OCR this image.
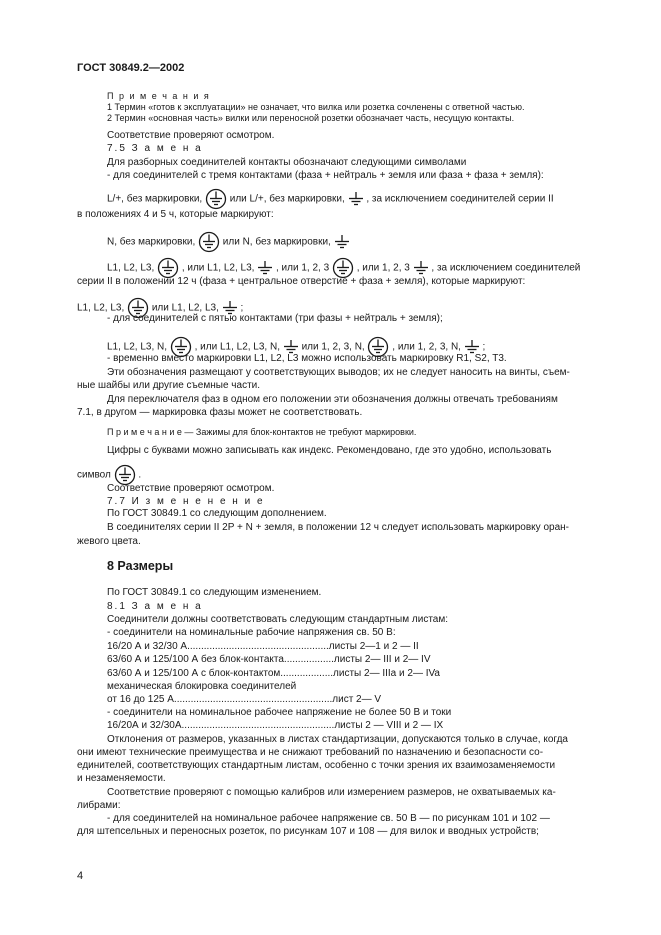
ГОСТ 30849.2—2002
П р и м е ч а н и я
1 Термин «готов к эксплуатации» не означает, что вилка или розетка сочленены с ответной частью.
2 Термин «основная часть» вилки или переносной розетки обозначает часть, несущую контакты.
Соответствие проверяют осмотром.
7.5 З а м е н а
Для разборных соединителей контакты обозначают следующими символами
- для соединителей с тремя контактами (фаза + нейтраль + земля или фаза + фаза + земля):
L/+, без маркировки,	или L/+, без маркировки, , за исключением соединителей серии II
в положениях 4 и 5 ч, которые маркируют:
N, без маркировки,	или N, без маркировки,
L1, L2, L3,	, или L1, L2, L3, , или 1, 2, 3	, или 1, 2, 3 , за исключением соединителей
серии II в положении 12 ч (фаза + центральное отверстие + фаза + земля), которые маркируют:
L1, L2, L3,	или L1, L2, L3, ;
- для соединителей с пятью контактами (три фазы + нейтраль + земля);
L1, L2, L3, N,	, или L1, L2, L3, N, или 1, 2, 3, N,	, или 1, 2, 3, N, ;
- временно вместо маркировки L1, L2, L3 можно использовать маркировку R1, S2, T3.
Эти обозначения размещают у соответствующих выводов; их не следует наносить на винты, съем-
ные шайбы или другие съемные части.
Для переключателя фаз в одном его положении эти обозначения должны отвечать требованиям
7.1, в другом — маркировка фазы может не соответствовать.
П р и м е ч а н и е — Зажимы для блок-контактов не требуют маркировки.
Цифры с буквами можно записывать как индекс. Рекомендовано, где это удобно, использовать
символ	.
Соответствие проверяют осмотром.
7.7 И з м е н е н е н и е
По ГОСТ 30849.1 со следующим дополнением.
В соединителях серии II 2P + N + земля, в положении 12 ч следует использовать маркировку оран-
жевого цвета.
8 Размеры
По ГОСТ 30849.1 со следующим изменением.
8.1 З а м е н а
Соединители должны соответствовать следующим стандартным листам:
- соединители на номинальные рабочие напряжения св. 50 В:
16/20 А и 32/30 А...................................................листы 2—1 и 2 — II
63/60 А и 125/100 А без блок-контакта..................листы 2— III и 2— IV
63/60 А и 125/100 А с блок-контактом...................листы 2— IIIa и 2— IVa
механическая блокировка соединителей
от 16 до 125 А.........................................................лист 2— V
- соединители на номинальное рабочее напряжение не более 50 В и токи
16/20А и 32/30А.......................................................листы 2 — VIII и 2 — IX
Отклонения от размеров, указанных в листах стандартизации, допускаются только в случае, когда
они имеют технические преимущества и не снижают требований по назначению и безопасности со-
единителей, соответствующих стандартным листам, особенно с точки зрения их взаимозаменяемости
и незаменяемости.
Соответствие проверяют с помощью калибров или измерением размеров, не охватываемых ка-
либрами:
- для соединителей на номинальное рабочее напряжение св. 50 В — по рисункам 101 и 102 —
для штепсельных и переносных розеток, по рисункам 107 и 108 — для вилок и вводных устройств;
4
